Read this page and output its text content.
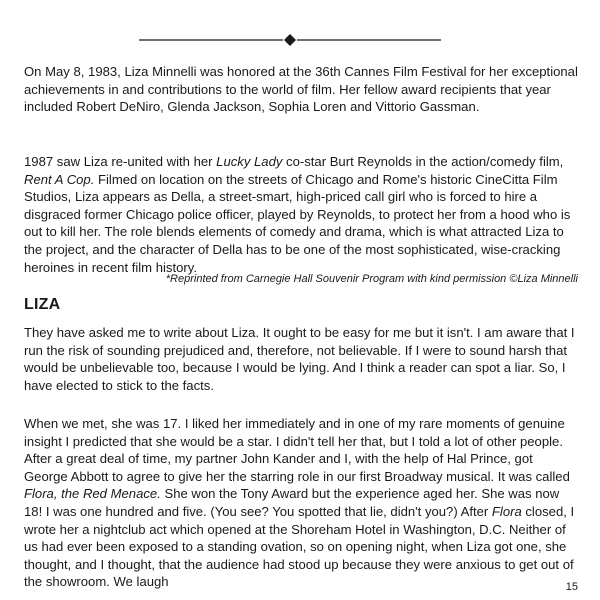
On May 8, 1983, Liza Minnelli was honored at the 36th Cannes Film Festival for her exceptional achievements in and contributions to the world of film. Her fellow award recipients that year included Robert DeNiro, Glenda Jackson, Sophia Loren and Vittorio Gassman.

1987 saw Liza re-united with her Lucky Lady co-star Burt Reynolds in the action/comedy film, Rent A Cop. Filmed on location on the streets of Chicago and Rome's historic CineCitta Film Studios, Liza appears as Della, a street-smart, high-priced call girl who is forced to hire a disgraced former Chicago police officer, played by Reynolds, to protect her from a hood who is out to kill her. The role blends elements of comedy and drama, which is what attracted Liza to the project, and the character of Della has to be one of the most sophisticated, wise-cracking heroines in recent film history.

*Reprinted from Carnegie Hall Souvenir Program with kind permission ©Liza Minnelli
LIZA

They have asked me to write about Liza. It ought to be easy for me but it isn't. I am aware that I run the risk of sounding prejudiced and, therefore, not believable. If I were to sound harsh that would be unbelievable too, because I would be lying. And I think a reader can spot a liar. So, I have elected to stick to the facts.

When we met, she was 17. I liked her immediately and in one of my rare moments of genuine insight I predicted that she would be a star. I didn't tell her that, but I told a lot of other people. After a great deal of time, my partner John Kander and I, with the help of Hal Prince, got George Abbott to agree to give her the starring role in our first Broadway musical. It was called Flora, the Red Menace. She won the Tony Award but the experience aged her. She was now 18! I was one hundred and five. (You see? You spotted that lie, didn't you?) After Flora closed, I wrote her a nightclub act which opened at the Shoreham Hotel in Washington, D.C. Neither of us had ever been exposed to a standing ovation, so on opening night, when Liza got one, she thought, and I thought, that the audience had stood up because they were anxious to get out of the showroom. We laugh	15
